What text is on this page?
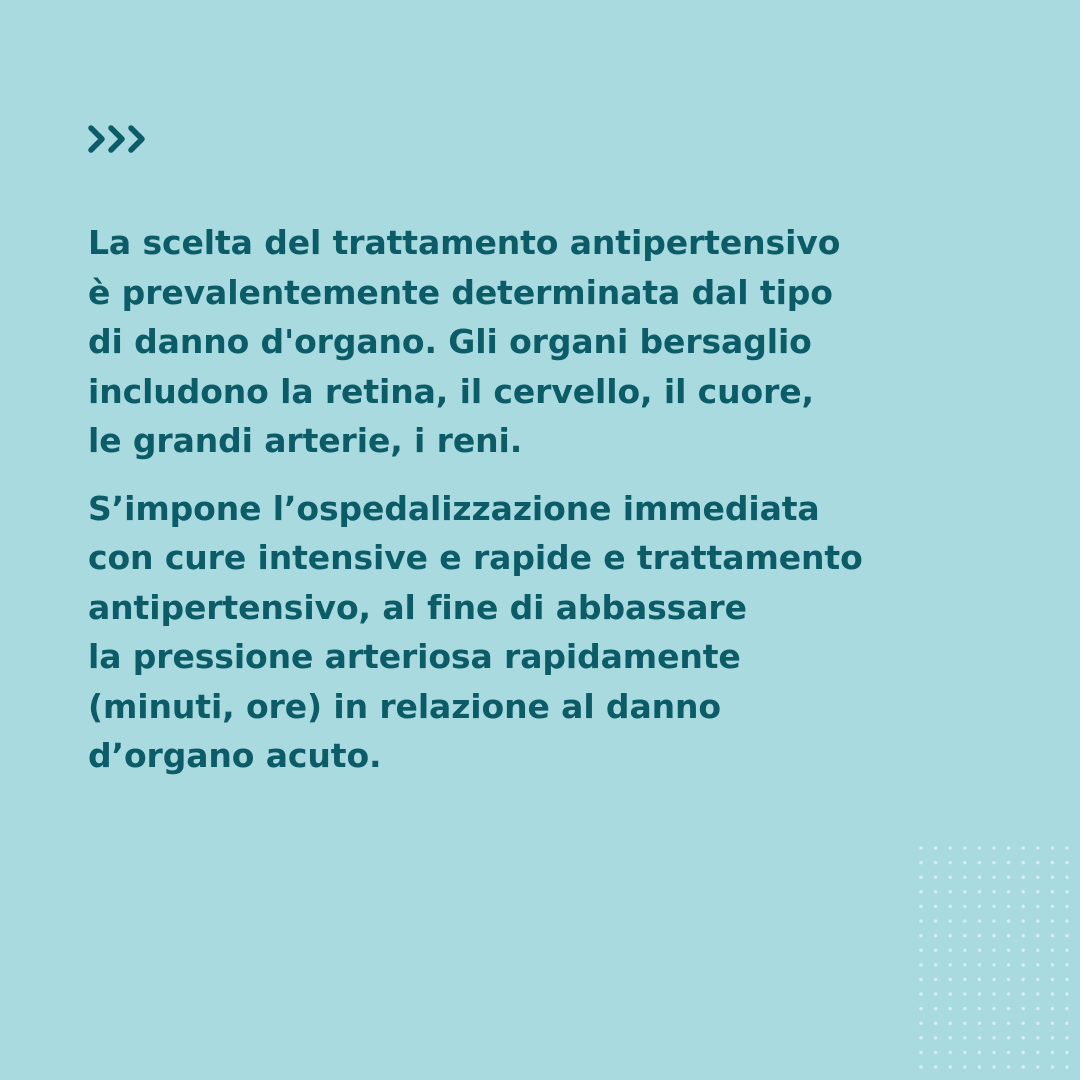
La scelta del trattamento antipertensivo
è prevalentemente determinata dal tipo
di danno d'organo. Gli organi bersaglio
includono la retina, il cervello, il cuore,
le grandi arterie, i reni.

S’impone l’ospedalizzazione immediata
con cure intensive e rapide e trattamento
antipertensivo, al fine di abbassare
la pressione arteriosa rapidamente
(minuti, ore) in relazione al danno
d’organo acuto.
